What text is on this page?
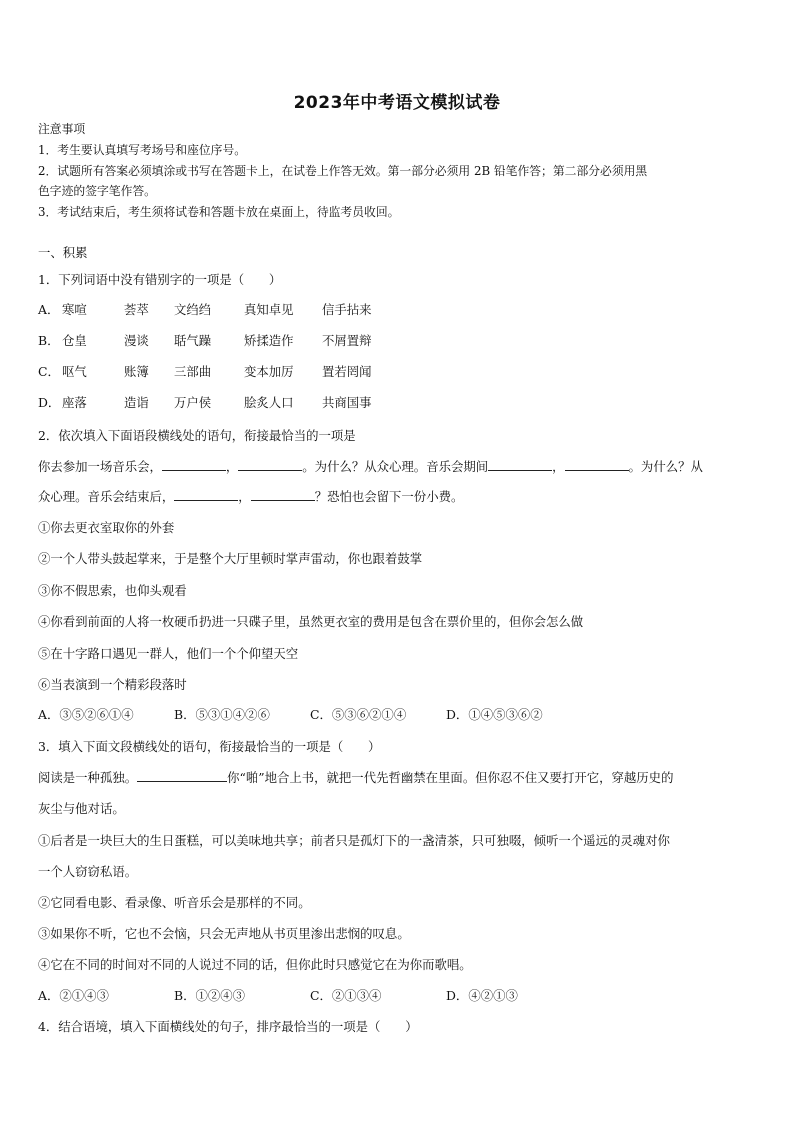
2023年中考语文模拟试卷
注意事项
1．考生要认真填写考场号和座位序号。
2．试题所有答案必须填涂或书写在答题卡上，在试卷上作答无效。第一部分必须用 2B 铅笔作答；第二部分必须用黑
色字迹的签字笔作答。
3．考试结束后，考生须将试卷和答题卡放在桌面上，待监考员收回。
一、积累
1．下列词语中没有错别字的一项是（　　）
A． 寒喧	荟萃 文绉绉	真知卓见 信手拈来
B． 仓皇	漫谈 聒气躁	矫揉造作 不屑置辩
C． 呕气	账簿 三部曲	变本加厉 置若罔闻
D． 座落	造诣 万户侯	脍炙人口 共商国事
2．依次填入下面语段横线处的语句，衔接最恰当的一项是
你去参加一场音乐会，	，	。为什么？从众心理。音乐会期间	，	。为什么？从
众心理。音乐会结束后，	，	？恐怕也会留下一份小费。
①你去更衣室取你的外套
②一个人带头鼓起掌来，于是整个大厅里顿时掌声雷动，你也跟着鼓掌
③你不假思索，也仰头观看
④你看到前面的人将一枚硬币扔进一只碟子里，虽然更衣室的费用是包含在票价里的，但你会怎么做
⑤在十字路口遇见一群人，他们一个个仰望天空
⑥当表演到一个精彩段落时
A．③⑤②⑥①④	B．⑤③①④②⑥	C．⑤③⑥②①④	D．①④⑤③⑥②
3．填入下面文段横线处的语句，衔接最恰当的一项是（　　）
阅读是一种孤独。	你“啪”地合上书，就把一代先哲幽禁在里面。但你忍不住又要打开它，穿越历史的
灰尘与他对话。
①后者是一块巨大的生日蛋糕，可以美味地共享；前者只是孤灯下的一盏清茶，只可独啜，倾听一个遥远的灵魂对你
一个人窃窃私语。
②它同看电影、看录像、听音乐会是那样的不同。
③如果你不听，它也不会恼，只会无声地从书页里渗出悲悯的叹息。
④它在不同的时间对不同的人说过不同的话，但你此时只感觉它在为你而歌唱。
A．②①④③	B．①②④③	C．②①③④	D．④②①③
4．结合语境，填入下面横线处的句子，排序最恰当的一项是（　　）
